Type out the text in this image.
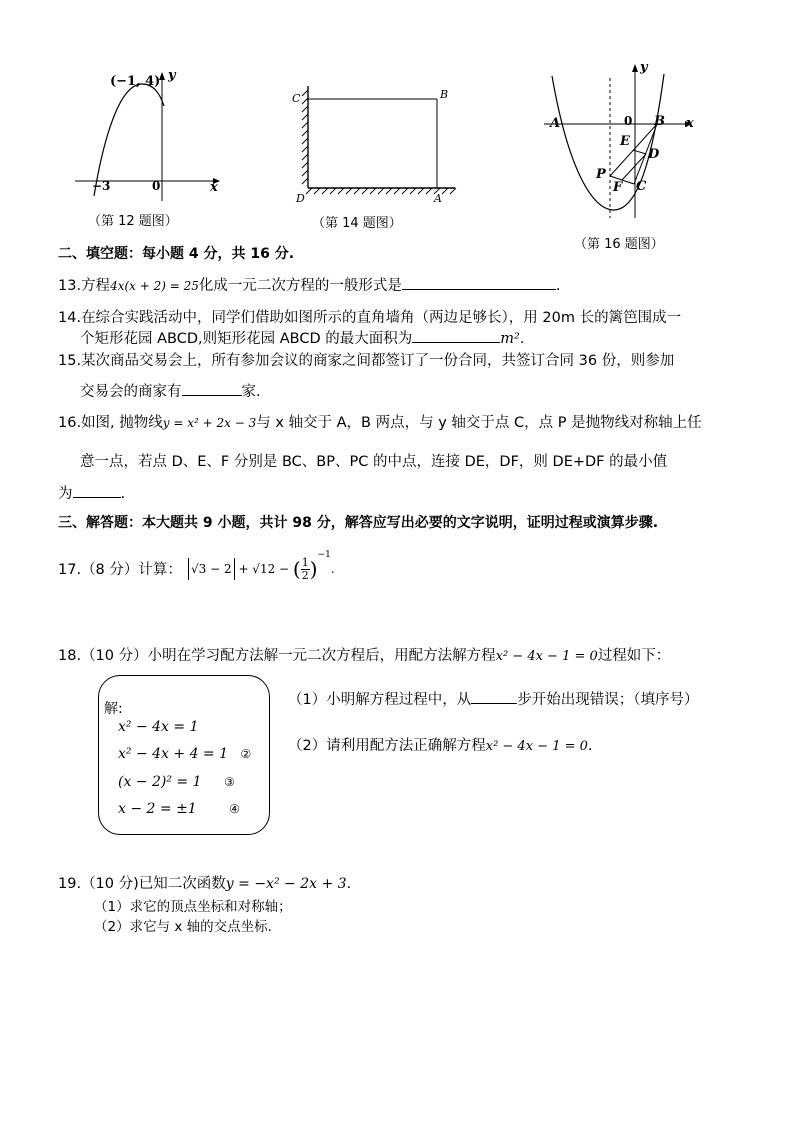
(−1, 4) y
x
−3	0
（第 12 题图）
C	B
D	A
（第 14 题图）
A	0 B x
y
E
D
P
F C
（第 16 题图）
二、填空题：每小题 4 分，共 16 分.
13.方程4x(x + 2) = 25化成一元二次方程的一般形式是	.
14.在综合实践活动中，同学们借助如图所示的直角墙角（两边足够长），用 20m 长的篱笆围成一
个矩形花园 ABCD,则矩形花园 ABCD 的最大面积为	m².
15.某次商品交易会上，所有参加会议的商家之间都签订了一份合同，共签订合同 36 份，则参加
交易会的商家有	家.
16.如图, 抛物线y = x² + 2x − 3与 x 轴交于 A，B 两点，与 y 轴交于点 C，点 P 是抛物线对称轴上任
意一点，若点 D、E、F 分别是 BC、BP、PC 的中点，连接 DE，DF，则 DE+DF 的最小值
为	.
三、解答题：本大题共 9 小题，共计 98 分，解答应写出必要的文字说明，证明过程或演算步骤.
17.（8 分）计算： √3 − 2 + √12 − ( $\frac{1}{2} )^{-1}$.
18.（10 分）小明在学习配方法解一元二次方程后，用配方法解方程x² − 4x − 1 = 0过程如下：
解:
x² − 4x = 1
x² − 4x + 4 = 1 ②
(x − 2)² = 1 ③
x − 2 = ±1	④
（1）小明解方程过程中，从	步开始出现错误；（填序号）
（2）请利用配方法正确解方程x² − 4x − 1 = 0.
19.（10 分)已知二次函数y = −x² − 2x + 3.
（1）求它的顶点坐标和对称轴；
（2）求它与 x 轴的交点坐标.
